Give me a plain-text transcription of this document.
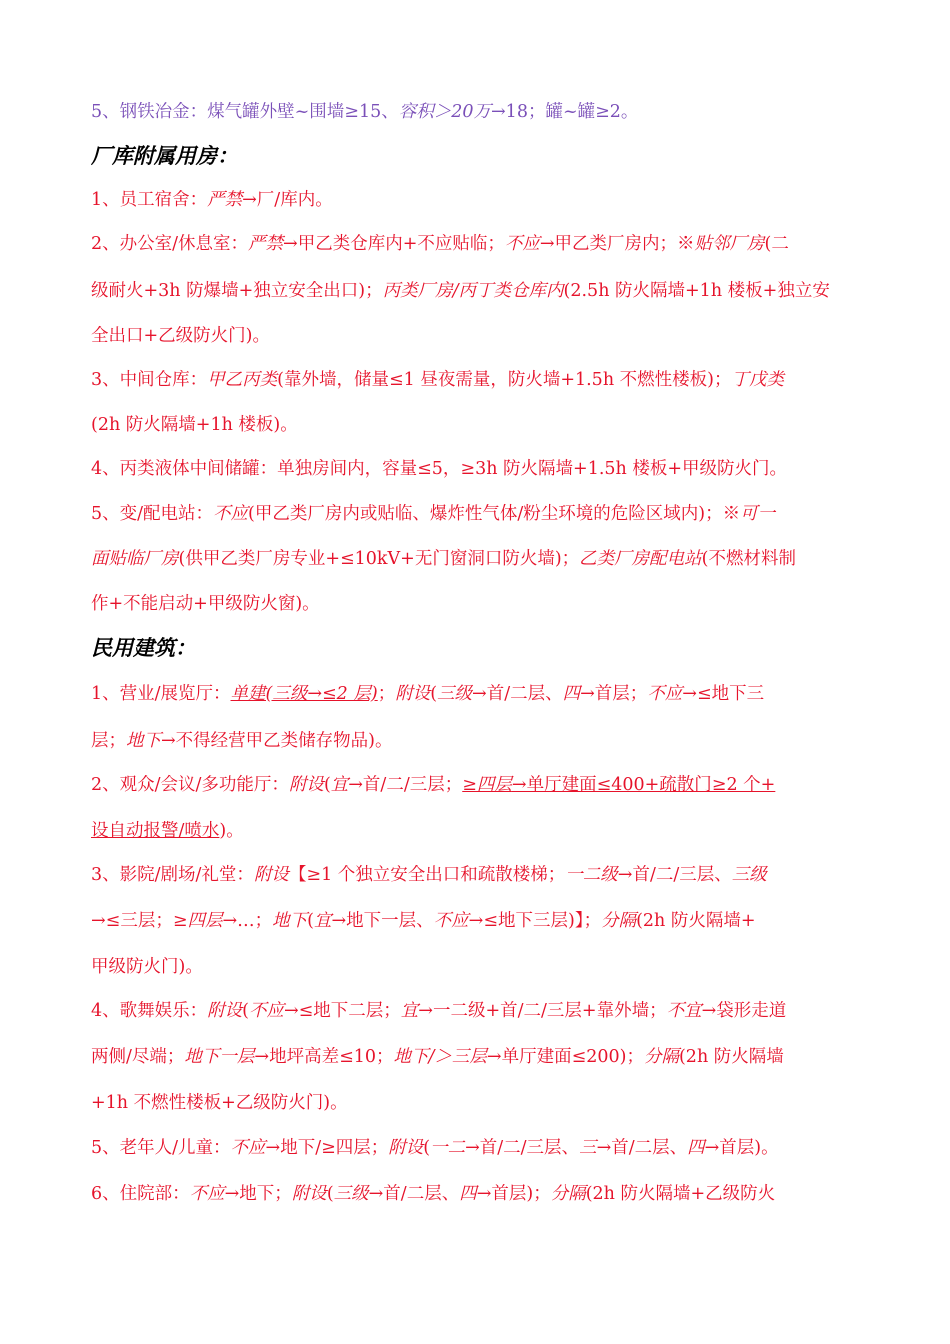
5、钢铁冶金：煤气罐外壁~围墙≥15、容积＞20万→18；罐~罐≥2。
厂库附属用房：
1、员工宿舍：严禁→厂/库内。
2、办公室/休息室：严禁→甲乙类仓库内+不应贴临；不应→甲乙类厂房内；※贴邻厂房(二
级耐火+3h 防爆墙+独立安全出口)；丙类厂房/丙丁类仓库内(2.5h 防火隔墙+1h 楼板+独立安
全出口+乙级防火门)。
3、中间仓库：甲乙丙类(靠外墙，储量≤1 昼夜需量，防火墙+1.5h 不燃性楼板)；丁戊类
(2h 防火隔墙+1h 楼板)。
4、丙类液体中间储罐：单独房间内，容量≤5，≥3h 防火隔墙+1.5h 楼板+甲级防火门。
5、变/配电站：不应(甲乙类厂房内或贴临、爆炸性气体/粉尘环境的危险区域内)；※可一
面贴临厂房(供甲乙类厂房专业+≤10kV+无门窗洞口防火墙)；乙类厂房配电站(不燃材料制
作+不能启动+甲级防火窗)。
民用建筑：
1、营业/展览厅：单建(三级→≤2 层)；附设(三级→首/二层、四→首层；不应→≤地下三
层；地下→不得经营甲乙类储存物品)。
2、观众/会议/多功能厅：附设(宜→首/二/三层；≥四层→单厅建面≤400+疏散门≥2 个+
设自动报警/喷水)。
3、影院/剧场/礼堂：附设【≥1 个独立安全出口和疏散楼梯；一二级→首/二/三层、三级
→≤三层；≥四层→…；地下(宜→地下一层、不应→≤地下三层)】；分隔(2h 防火隔墙+
甲级防火门)。
4、歌舞娱乐：附设(不应→≤地下二层；宜→一二级+首/二/三层+靠外墙；不宜→袋形走道
两侧/尽端；地下一层→地坪高差≤10；地下/＞三层→单厅建面≤200)；分隔(2h 防火隔墙
+1h 不燃性楼板+乙级防火门)。
5、老年人/儿童：不应→地下/≥四层；附设(一二→首/二/三层、三→首/二层、四→首层)。
6、住院部：不应→地下；附设(三级→首/二层、四→首层)；分隔(2h 防火隔墙+乙级防火
